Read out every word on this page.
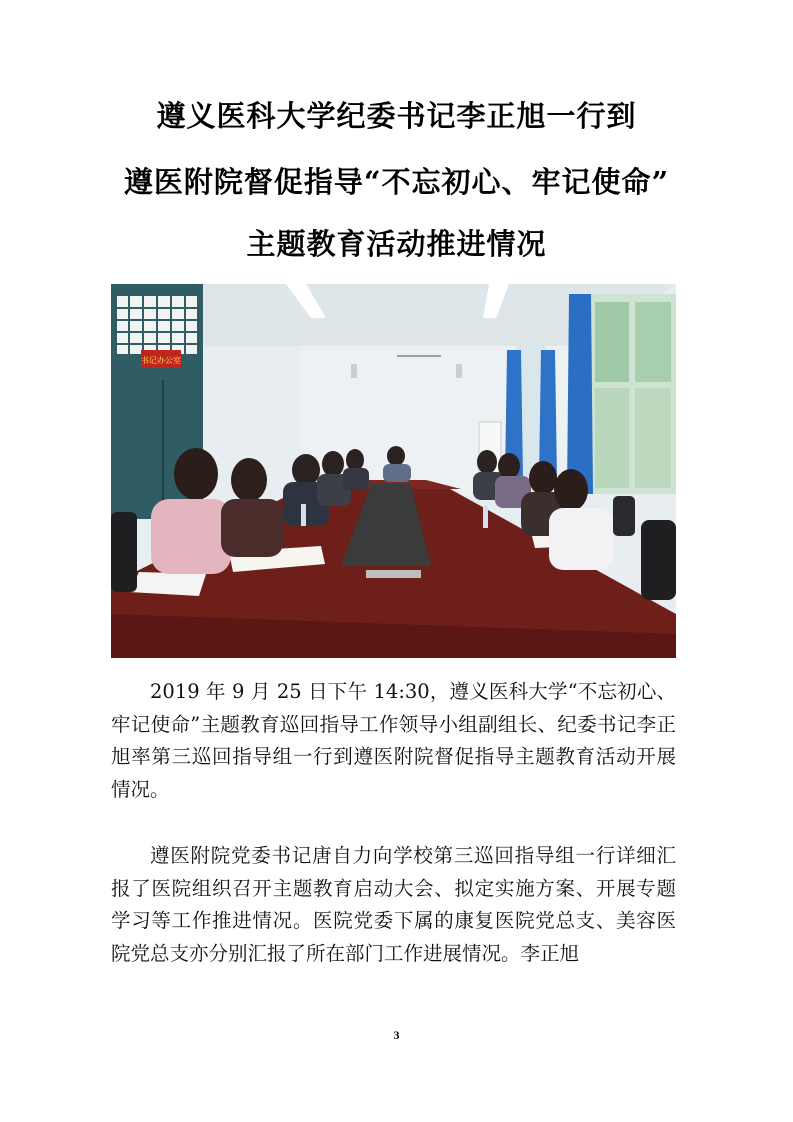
遵义医科大学纪委书记李正旭一行到
遵医附院督促指导“不忘初心、牢记使命”
主题教育活动推进情况
书记办公室

2019 年 9 月 25 日下午 14:30，遵义医科大学“不忘初心、牢记使命”主题教育巡回指导工作领导小组副组长、纪委书记李正旭率第三巡回指导组一行到遵医附院督促指导主题教育活动开展情况。

遵医附院党委书记唐自力向学校第三巡回指导组一行详细汇报了医院组织召开主题教育启动大会、拟定实施方案、开展专题学习等工作推进情况。医院党委下属的康复医院党总支、美容医院党总支亦分别汇报了所在部门工作进展情况。李正旭

3
